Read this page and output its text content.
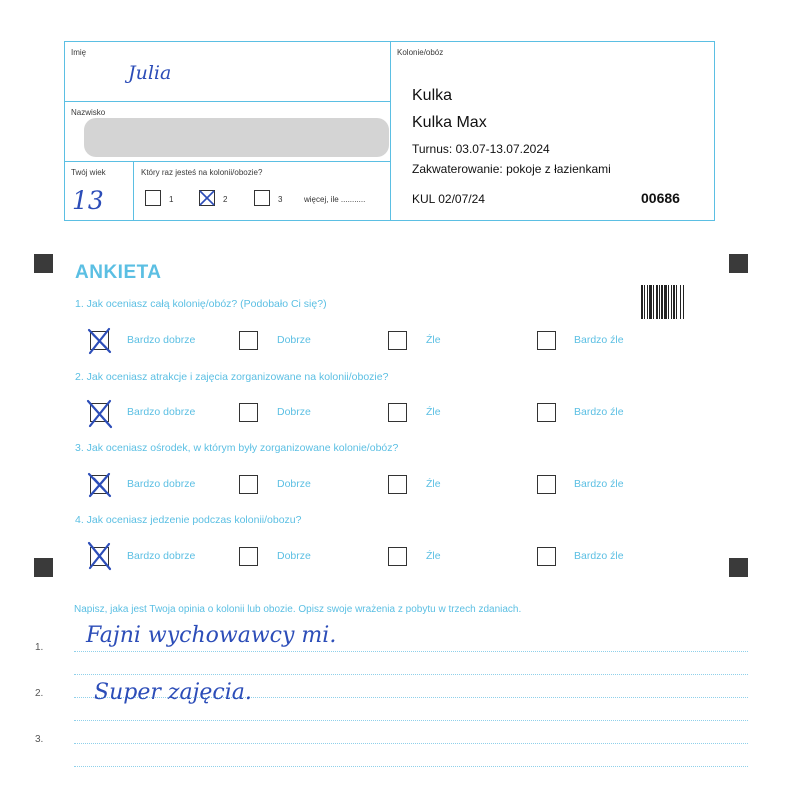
Imię
Julia
Nazwisko
Twój wiek
13
Który raz jesteś na kolonii/obozie?
1	2	3	więcej, ile ...........
Kolonie/obóz
Kulka
Kulka Max
Turnus: 03.07-13.07.2024
Zakwaterowanie: pokoje z łazienkami
KUL 02/07/24	00686
ANKIETA
1. Jak oceniasz całą kolonię/obóz? (Podobało Ci się?)
2. Jak oceniasz atrakcje i zajęcia zorganizowane na kolonii/obozie?
3. Jak oceniasz ośrodek, w którym były zorganizowane kolonie/obóz?
4. Jak oceniasz jedzenie podczas kolonii/obozu?
Bardzo dobrze	Dobrze	Źle	Bardzo źle
Bardzo dobrze	Dobrze	Źle	Bardzo źle
Bardzo dobrze	Dobrze	Źle	Bardzo źle
Bardzo dobrze	Dobrze	Źle	Bardzo źle
Napisz, jaka jest Twoja opinia o kolonii lub obozie. Opisz swoje wrażenia z pobytu w trzech zdaniach.
1. Fajni wychowawcy mi.
2. Super zajęcia.
3.
